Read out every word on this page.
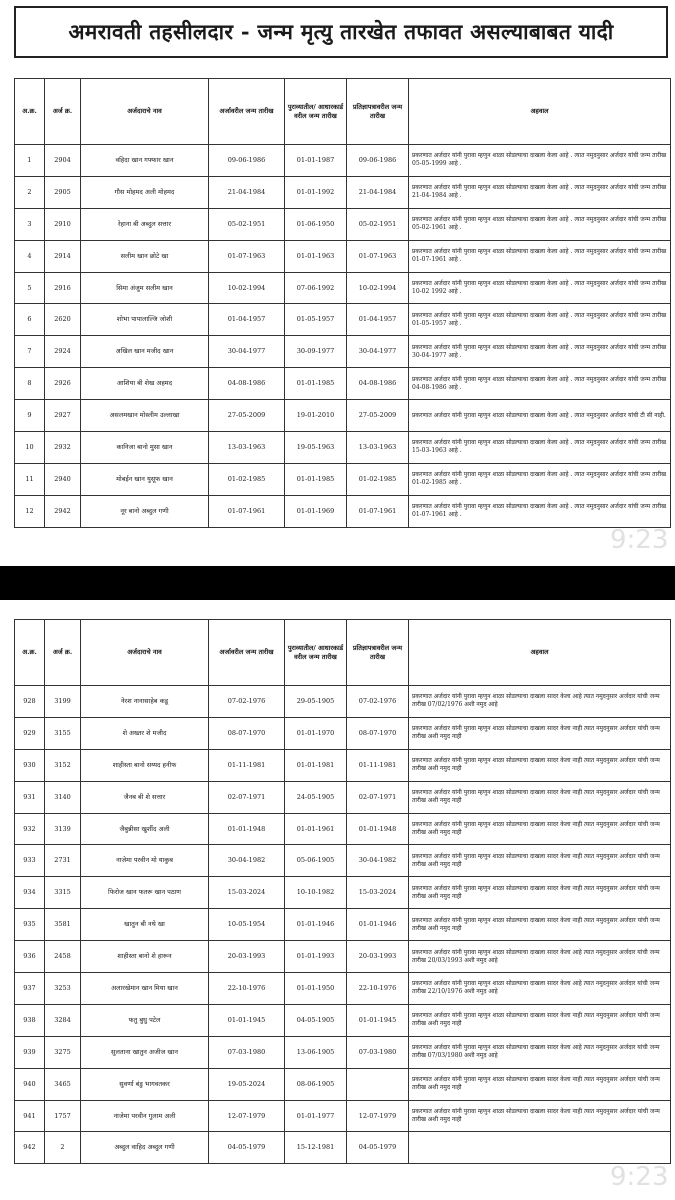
अमरावती तहसीलदार - जन्म मृत्यु तारखेत तफावत असल्याबाबत यादी
अ.क्र.	अर्ज क्र.	अर्जदाराचे नाव	अर्जावरील जन्म तारीख	पुराव्यातील/ आधारकार्ड वरील जन्म तारीख	प्रतिज्ञापत्रावरील जन्म तारीख	अहवाल
1	2904	वहिदा खान गफ्फार खान	09-06-1986	01-01-1987	09-06-1986	प्रकरणात अर्जदार यांनी पुरावा म्हणुन शाळा सोडल्याचा दाखला केला आहे . त्यात नमुदनुसार अर्जदार यांची जन्म तारीख 05-05-1999 आहे .
2	2905	गौस मोहमद अली मोहमद	21-04-1984	01-01-1992	21-04-1984	प्रकरणात अर्जदार यांनी पुरावा म्हणुन शाळा सोडल्याचा दाखला केला आहे . त्यात नमुदनुसार अर्जदार यांची जन्म तारीख 21-04-1984 आहे .
3	2910	रेहाना बी अब्दुल सत्तार	05-02-1951	01-06-1950	05-02-1951	प्रकरणात अर्जदार यांनी पुरावा म्हणुन शाळा सोडल्याचा दाखला केला आहे . त्यात नमुदनुसार अर्जदार यांची जन्म तारीख 05-02-1961 आहे .
4	2914	सलीम खान छोटे खा	01-07-1963	01-01-1963	01-07-1963	प्रकरणात अर्जदार यांनी पुरावा म्हणुन शाळा सोडल्याचा दाखला केला आहे . त्यात नमुदनुसार अर्जदार यांची जन्म तारीख 01-07-1961 आहे .
5	2916	सिमा अंजुम सलीम खान	10-02-1994	07-06-1992	10-02-1994	प्रकरणात अर्जदार यांनी पुरावा म्हणुन शाळा सोडल्याचा दाखला केला आहे . त्यात नमुदनुसार अर्जदार यांची जन्म तारीख 10-02 1992 आहे .
6	2620	शोभा पापालाल्जि जोशी	01-04-1957	01-05-1957	01-04-1957	प्रकरणात अर्जदार यांनी पुरावा म्हणुन शाळा सोडल्याचा दाखला केला आहे . त्यात नमुदनुसार अर्जदार यांची जन्म तारीख 01-05-1957 आहे .
7	2924	अखिल खान मजीद खान	30-04-1977	30-09-1977	30-04-1977	प्रकरणात अर्जदार यांनी पुरावा म्हणुन शाळा सोडल्याचा दाखला केला आहे . त्यात नमुदनुसार अर्जदार यांची जन्म तारीख 30-04-1977 आहे .
8	2926	आशिया बी शेख अहमद	04-08-1986	01-01-1985	04-08-1986	प्रकरणात अर्जदार यांनी पुरावा म्हणुन शाळा सोडल्याचा दाखला केला आहे . त्यात नमुदनुसार अर्जदार यांची जन्म तारीख 04-08-1986 आहे .
9	2927	असलमखान मोस्लीम उल्लाखा	27-05-2009	19-01-2010	27-05-2009	प्रकरणात अर्जदार यांनी पुरावा म्हणुन शाळा सोडल्याचा दाखला केला आहे . त्यात नमुदनुसार अर्जदार यांची टी सी नाही.
10	2932	कानिजा बानो मुसा खान	13-03-1963	19-05-1963	13-03-1963	प्रकरणात अर्जदार यांनी पुरावा म्हणुन शाळा सोडल्याचा दाखला केला आहे . त्यात नमुदनुसार अर्जदार यांची जन्म तारीख 15-03-1963 आहे .
11	2940	मोबईन खान युसूफ खान	01-02-1985	01-01-1985	01-02-1985	प्रकरणात अर्जदार यांनी पुरावा म्हणुन शाळा सोडल्याचा दाखला केला आहे . त्यात नमुदनुसार अर्जदार यांची जन्म तारीख 01-02-1985 आहे .
12	2942	नूर बानो अब्दुल गणी	01-07-1961	01-01-1969	01-07-1961	प्रकरणात अर्जदार यांनी पुरावा म्हणुन शाळा सोडल्याचा दाखला केला आहे . त्यात नमुदनुसार अर्जदार यांची जन्म तारीख 01-07-1961 आहे .
अ.क्र.	अर्ज क्र.	अर्जदाराचे नाव	अर्जावरील जन्म तारीख	पुराव्यातील/ आधारकार्ड वरील जन्म तारीख	प्रतिज्ञापत्रावरील जन्म तारीख	अहवाल
928	3199	नेरश नानासाहेब कडू	07-02-1976	29-05-1905	07-02-1976	प्रकरणात अर्जदार यांनी पुरावा म्हणुन शाळा सोडल्याचा दाखला सादर केला आहे त्यात नमुदनुसार अर्जदार यांची जन्म तारीख 07/02/1976 अशी नमुद आहे
929	3155	शे अख्तर शे मजीद	08-07-1970	01-01-1970	08-07-1970	प्रकरणात अर्जदार यांनी पुरावा म्हणुन शाळा सोडल्याचा दाखला सादर केला नाही त्यात नमुदनुसार अर्जदार यांची जन्म तारीख अशी नमुद नाही
930	3152	शाहीस्ता बानो सय्यद हनीफ	01-11-1981	01-01-1981	01-11-1981	प्रकरणात अर्जदार यांनी पुरावा म्हणुन शाळा सोडल्याचा दाखला सादर केला नाही त्यात नमुदनुसार अर्जदार यांची जन्म तारीख अशी नमुद नाही
931	3140	जैनब बी शे सत्तार	02-07-1971	24-05-1905	02-07-1971	प्रकरणात अर्जदार यांनी पुरावा म्हणुन शाळा सोडल्याचा दाखला सादर केला नाही त्यात नमुदनुसार अर्जदार यांची जन्म तारीख अशी नमुद नाही
932	3139	जैबुन्नीसा खुर्शीद अली	01-01-1948	01-01-1961	01-01-1948	प्रकरणात अर्जदार यांनी पुरावा म्हणुन शाळा सोडल्याचा दाखला सादर केला नाही त्यात नमुदनुसार अर्जदार यांची जन्म तारीख अशी नमुद नाही
933	2731	नाजेमा परवीन मो याकुब	30-04-1982	05-06-1905	30-04-1982	प्रकरणात अर्जदार यांनी पुरावा म्हणुन शाळा सोडल्याचा दाखला सादर केला नाही त्यात नमुदनुसार अर्जदार यांची जन्म तारीख अशी नमुद नाही
934	3315	फिरोज खान फतरू खान पठाण	15-03-2024	10-10-1982	15-03-2024	प्रकरणात अर्जदार यांनी पुरावा म्हणुन शाळा सोडल्याचा दाखला सादर केला नाही त्यात नमुदनुसार अर्जदार यांची जन्म तारीख अशी नमुद नाही
935	3581	खातुन बी नथे खा	10-05-1954	01-01-1946	01-01-1946	प्रकरणात अर्जदार यांनी पुरावा म्हणुन शाळा सोडल्याचा दाखला सादर केला नाही त्यात नमुदनुसार अर्जदार यांची जन्म तारीख अशी नमुद नाही
936	2458	शाहीस्ता बानो शे हारून	20-03-1993	01-01-1993	20-03-1993	प्रकरणात अर्जदार यांनी पुरावा म्हणुन शाळा सोडल्याचा दाखला सादर केला आहे त्यात नमुदनुसार अर्जदार यांची जन्म तारीख 20/03/1993 अशी नमुद आहे
937	3253	अलारखेमान खान मिया खान	22-10-1976	01-01-1950	22-10-1976	प्रकरणात अर्जदार यांनी पुरावा म्हणुन शाळा सोडल्याचा दाखला सादर केला आहे त्यात नमुदनुसार अर्जदार यांची जन्म तारीख 22/10/1976 अशी नमुद आहे
938	3284	फतु बुधु पटेल	01-01-1945	04-05-1905	01-01-1945	प्रकरणात अर्जदार यांनी पुरावा म्हणुन शाळा सोडल्याचा दाखला सादर केला नाही त्यात नमुदनुसार अर्जदार यांची जन्म तारीख अशी नमुद नाही
939	3275	सुलताना खातुन अजीज खान	07-03-1980	13-06-1905	07-03-1980	प्रकरणात अर्जदार यांनी पुरावा म्हणुन शाळा सोडल्याचा दाखला सादर केला आहे त्यात नमुदनुसार अर्जदार यांची जन्म तारीख 07/03/1980 अशी नमुद आहे
940	3465	सुवर्णा बंडु भागवतकर	19-05-2024	08-06-1905		प्रकरणात अर्जदार यांनी पुरावा म्हणुन शाळा सोडल्याचा दाखला सादर केला नाही त्यात नमुदनुसार अर्जदार यांची जन्म तारीख अशी नमुद नाही
941	1757	नाजेमा परवीन गुलाम अली	12-07-1979	01-01-1977	12-07-1979	प्रकरणात अर्जदार यांनी पुरावा म्हणुन शाळा सोडल्याचा दाखला सादर केला नाही त्यात नमुदनुसार अर्जदार यांची जन्म तारीख अशी नमुद नाही
942	2	अब्दुल वाहिद अब्दुल गणी	04-05-1979	15-12-1981	04-05-1979	
9:23
9:23
